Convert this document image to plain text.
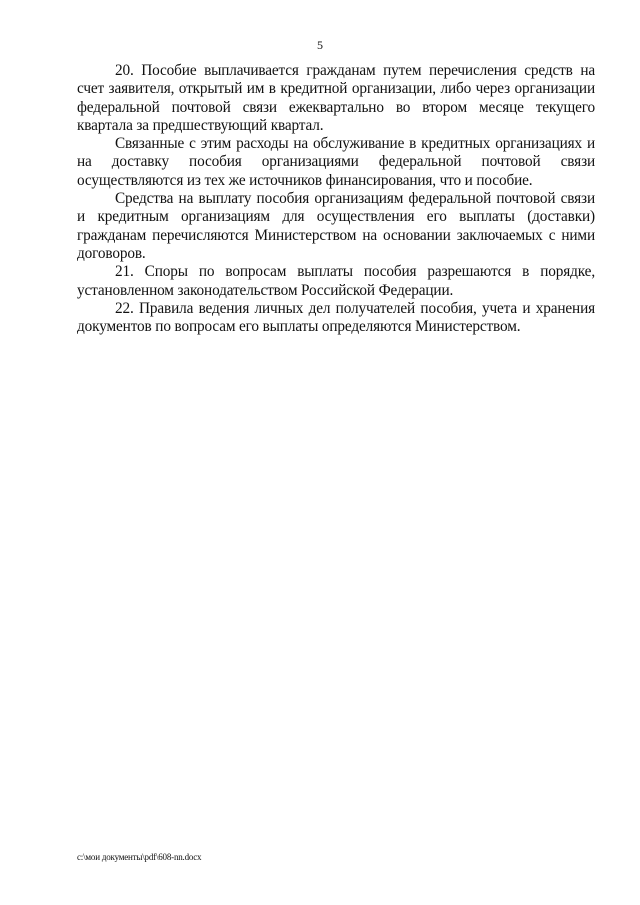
5

20. Пособие выплачивается гражданам путем перечисления средств на счет заявителя, открытый им в кредитной организации, либо через организации федеральной почтовой связи ежеквартально во втором месяце текущего квартала за предшествующий квартал.

Связанные с этим расходы на обслуживание в кредитных организациях и на доставку пособия организациями федеральной почтовой связи осуществляются из тех же источников финансирования, что и пособие.

Средства на выплату пособия организациям федеральной почтовой связи и кредитным организациям для осуществления его выплаты (доставки) гражданам перечисляются Министерством на основании заключаемых с ними договоров.

21. Споры по вопросам выплаты пособия разрешаются в порядке, установленном законодательством Российской Федерации.

22. Правила ведения личных дел получателей пособия, учета и хранения документов по вопросам его выплаты определяются Министерством.

c:\мои документы\pdf\608-nn.docx
